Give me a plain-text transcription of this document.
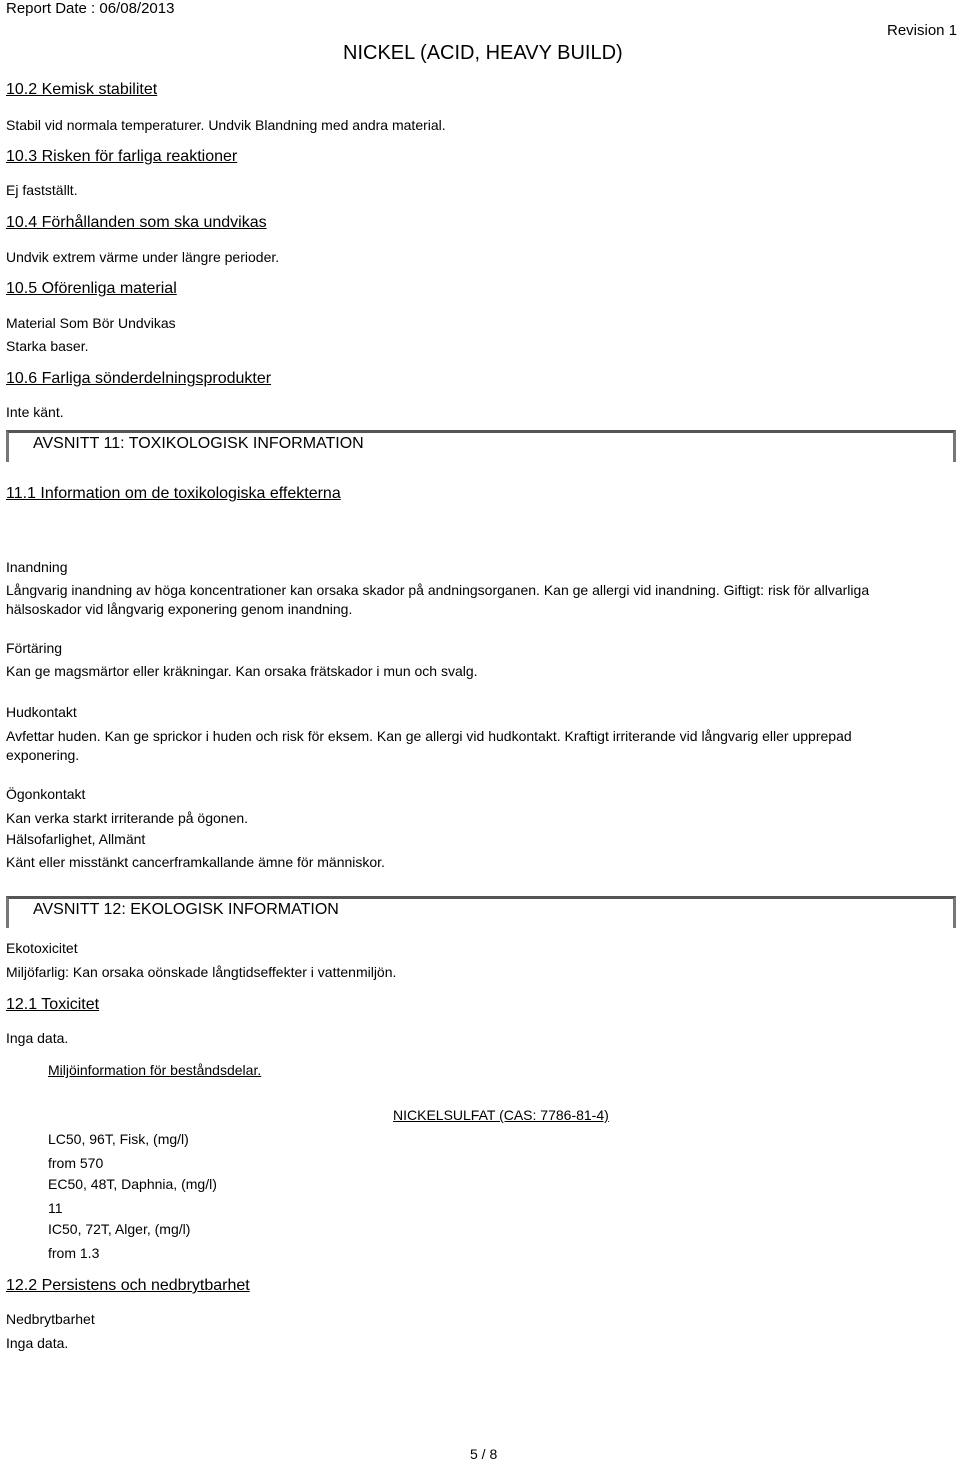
Report Date : 06/08/2013
NICKEL (ACID, HEAVY BUILD)
Revision 1
10.2 Kemisk stabilitet
Stabil vid normala temperaturer. Undvik Blandning med andra material.
10.3 Risken för farliga reaktioner
Ej fastställt.
10.4 Förhållanden som ska undvikas
Undvik extrem värme under längre perioder.
10.5 Oförenliga material
Material Som Bör Undvikas
Starka baser.
10.6 Farliga sönderdelningsprodukter
Inte känt.
AVSNITT 11: TOXIKOLOGISK INFORMATION
11.1 Information om de toxikologiska effekterna
Inandning
Långvarig inandning av höga koncentrationer kan orsaka skador på andningsorganen. Kan ge allergi vid inandning. Giftigt: risk för allvarliga hälsoskador vid långvarig exponering genom inandning.
Förtäring
Kan ge magsmärtor eller kräkningar. Kan orsaka frätskador i mun och svalg.
Hudkontakt
Avfettar huden. Kan ge sprickor i huden och risk för eksem. Kan ge allergi vid hudkontakt. Kraftigt irriterande vid långvarig eller upprepad exponering.
Ögonkontakt
Kan verka starkt irriterande på ögonen.
Hälsofarlighet, Allmänt
Känt eller misstänkt cancerframkallande ämne för människor.
AVSNITT 12: EKOLOGISK INFORMATION
Ekotoxicitet
Miljöfarlig: Kan orsaka oönskade långtidseffekter i vattenmiljön.
12.1 Toxicitet
Inga data.
Miljöinformation för beståndsdelar.
NICKELSULFAT (CAS: 7786-81-4)
LC50, 96T, Fisk, (mg/l)
from 570
EC50, 48T, Daphnia, (mg/l)
11
IC50, 72T, Alger, (mg/l)
from 1.3
12.2 Persistens och nedbrytbarhet
Nedbrytbarhet
Inga data.
5 / 8
